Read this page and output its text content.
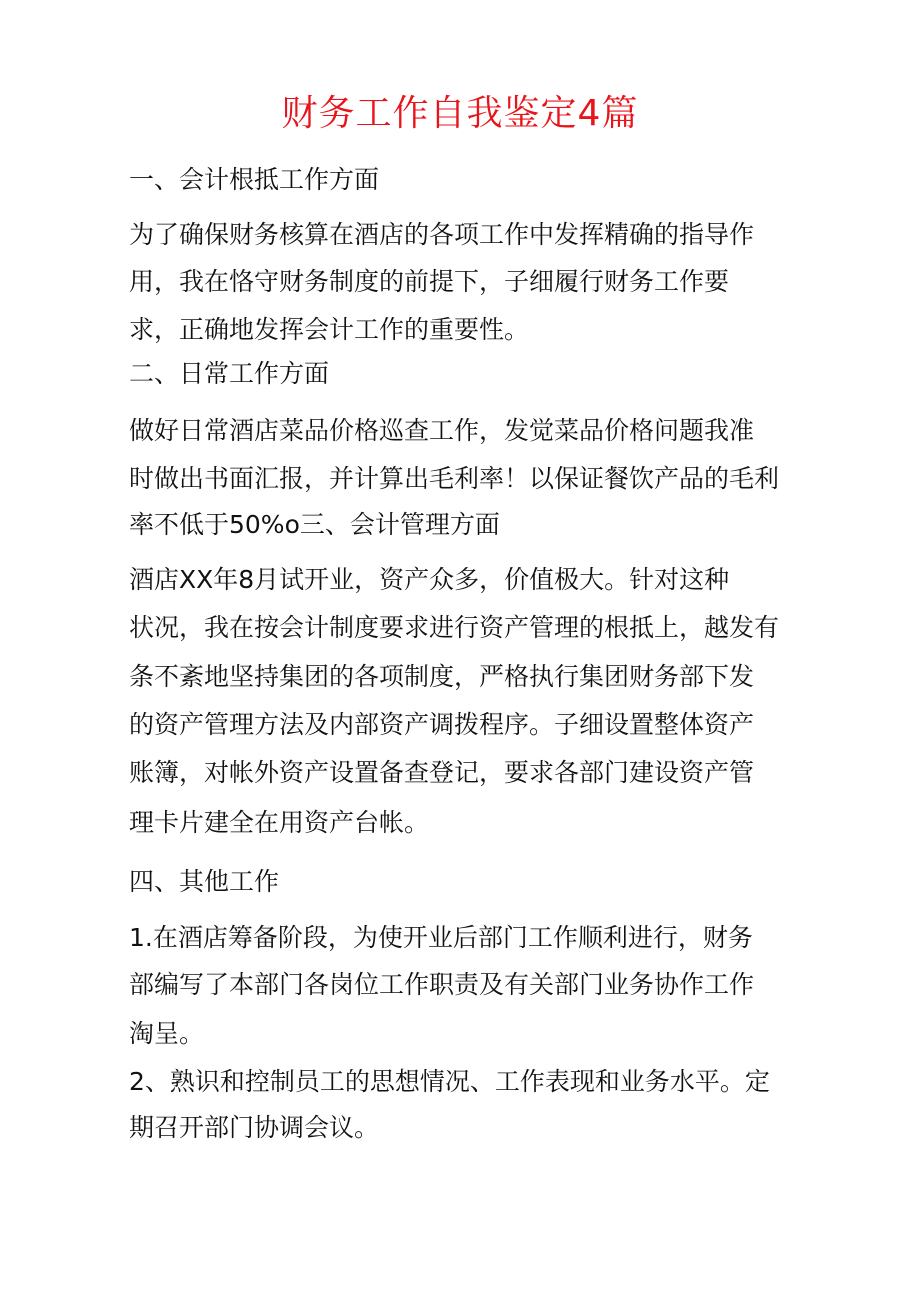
财务工作自我鉴定4篇
一、会计根抵工作方面
为了确保财务核算在酒店的各项工作中发挥精确的指导作
用，我在恪守财务制度的前提下，子细履行财务工作要
求，正确地发挥会计工作的重要性。
二、日常工作方面
做好日常酒店菜品价格巡查工作，发觉菜品价格问题我准
时做出书面汇报，并计算出毛利率！以保证餐饮产品的毛利
率不低于50%o三、会计管理方面
酒店XX年8月试开业，资产众多，价值极大。针对这种
状况，我在按会计制度要求进行资产管理的根抵上，越发有
条不紊地坚持集团的各项制度，严格执行集团财务部下发
的资产管理方法及内部资产调拨程序。子细设置整体资产
账簿，对帐外资产设置备查登记，要求各部门建设资产管
理卡片建全在用资产台帐。
四、其他工作
1.在酒店筹备阶段，为使开业后部门工作顺利进行，财务
部编写了本部门各岗位工作职责及有关部门业务协作工作
淘呈。
2、熟识和控制员工的思想情况、工作表现和业务水平。定
期召开部门协调会议。
